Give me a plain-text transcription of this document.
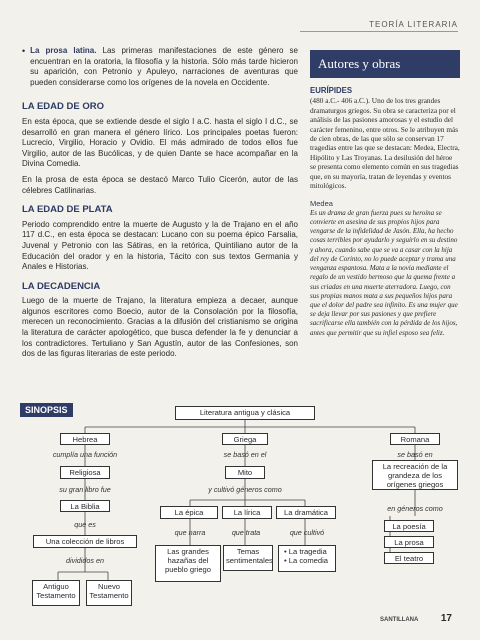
TEORÍA LITERARIA
• La prosa latina. Las primeras manifestaciones de este género se encuentran en la oratoria, la filosofía y la historia. Sólo más tarde hicieron su aparición, con Petronio y Apuleyo, narraciones de aventuras que pueden considerarse como los orígenes de la novela en Occidente.

LA EDAD DE ORO

En esta época, que se extiende desde el siglo I a.C. hasta el siglo I d.C., se desarrolló en gran manera el género lírico. Los principales poetas fueron: Lucrecio, Virgilio, Horacio y Ovidio. El más admirado de todos ellos fue Virgilio, autor de las Bucólicas, y de quien Dante se hace acompañar en la Divina Comedia.

En la prosa de esta época se destacó Marco Tulio Cicerón, autor de las célebres Catilinarias.

LA EDAD DE PLATA

Periodo comprendido entre la muerte de Augusto y la de Trajano en el año 117 d.C., en esta época se destacan: Lucano con su poema épico Farsalia, Juvenal y Petronio con las Sátiras, en la retórica, Quintiliano autor de la Educación del orador y en la historia, Tácito con sus textos Germania y Anales e Historias.

LA DECADENCIA

Luego de la muerte de Trajano, la literatura empieza a decaer, aunque algunos escritores como Boecio, autor de la Consolación por la filosofía, merecen un reconocimiento. Gracias a la difusión del cristianismo se origina la literatura de carácter apologético, que busca defender la fe y denunciar a los contradictores. Tertuliano y San Agustín, autor de las Confesiones, son dos de las figuras literarias de este periodo.

Autores y obras
EURÍPIDES
(480 a.C.- 406 a.C.). Uno de los tres grandes dramaturgos griegos. Su obra se caracteriza por el análisis de las pasiones amorosas y el estudio del carácter femenino, entre otros. Se le atribuyen más de cien obras, de las que sólo se conservan 17 tragedias entre las que se destacan: Medea, Electra, Hipólito y Las Troyanas. La desilusión del héroe se presenta como elemento común en sus tragedias que, en su mayoría, tratan de leyendas y eventos mitológicos.
Medea
Es un drama de gran fuerza pues su heroína se convierte en asesina de sus propios hijos para vengarse de la infidelidad de Jasón. Ella, ha hecho cosas terribles por ayudarlo y seguirlo en su destino y ahora, cuando sabe que se va a casar con la hija del rey de Corinto, no lo puede aceptar y trama una venganza espantosa. Mata a la novia mediante el regalo de un vestido hermoso que la quema frente a sus criadas en una muerte aterradora. Luego, con sus propias manos mata a sus pequeños hijos para que el dolor del padre sea infinito. Es una mujer que se deja llevar por sus pasiones y que prefiere sacrificarse ella también con la pérdida de los hijos, antes que permitir que su infiel esposo sea feliz.
SINOPSIS	Literatura antigua y clásica
Hebrea
cumplía una función
Religiosa
su gran libro fue
La Biblia
que es
Una colección de libros
divididos en
Antiguo Testamento
Nuevo Testamento
Griega
se basó en el
Mito
y cultivó géneros como
La épica	La lírica	La dramática
que narra	que trata	que cultivó
Las grandes hazañas del pueblo griego
Temas sentimentales
• La tragedia
• La comedia
Romana
se basó en
La recreación de la grandeza de los orígenes griegos
en géneros como
La poesía
La prosa
El teatro
SANTILLANA 17
